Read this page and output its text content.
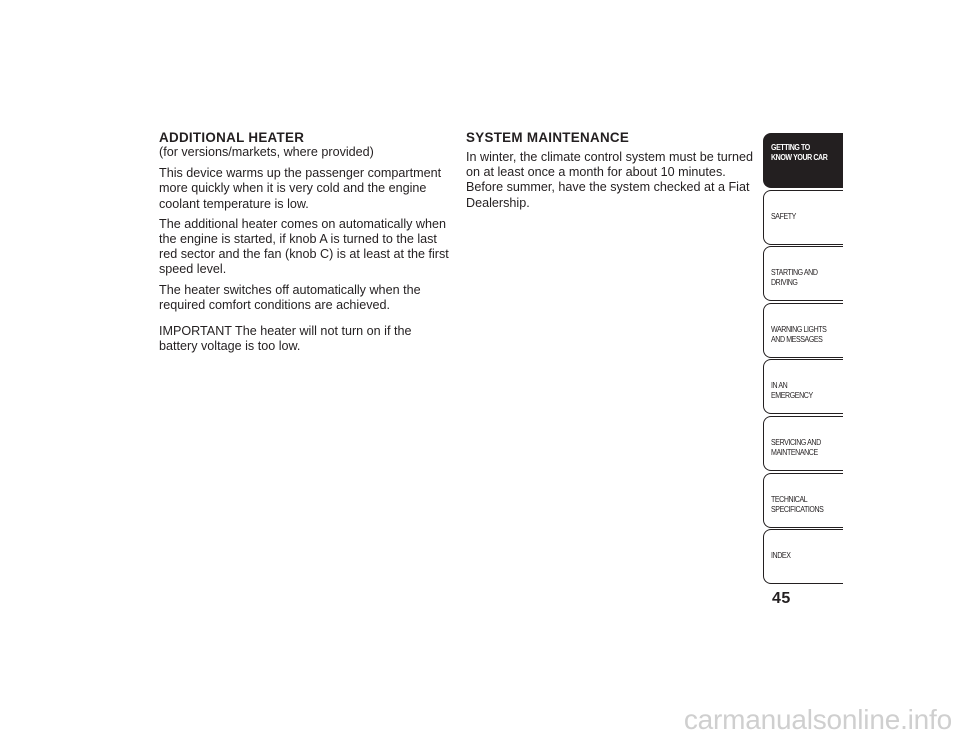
ADDITIONAL HEATER

(for versions/markets, where provided)

This device warms up the passenger compartment more quickly when it is very cold and the engine coolant temperature is low.

The additional heater comes on automatically when the engine is started, if knob A is turned to the last red sector and the fan (knob C) is at least at the first speed level.

The heater switches off automatically when the required comfort conditions are achieved.

IMPORTANT The heater will not turn on if the battery voltage is too low.

SYSTEM MAINTENANCE

In winter, the climate control system must be turned on at least once a month for about 10 minutes. Before summer, have the system checked at a Fiat Dealership.

GETTING TO
KNOW YOUR CAR
SAFETY
STARTING AND
DRIVING
WARNING LIGHTS
AND MESSAGES
IN AN EMERGENCY
SERVICING AND
MAINTENANCE
TECHNICAL
SPECIFICATIONS
INDEX
45
carmanualsonline.info
